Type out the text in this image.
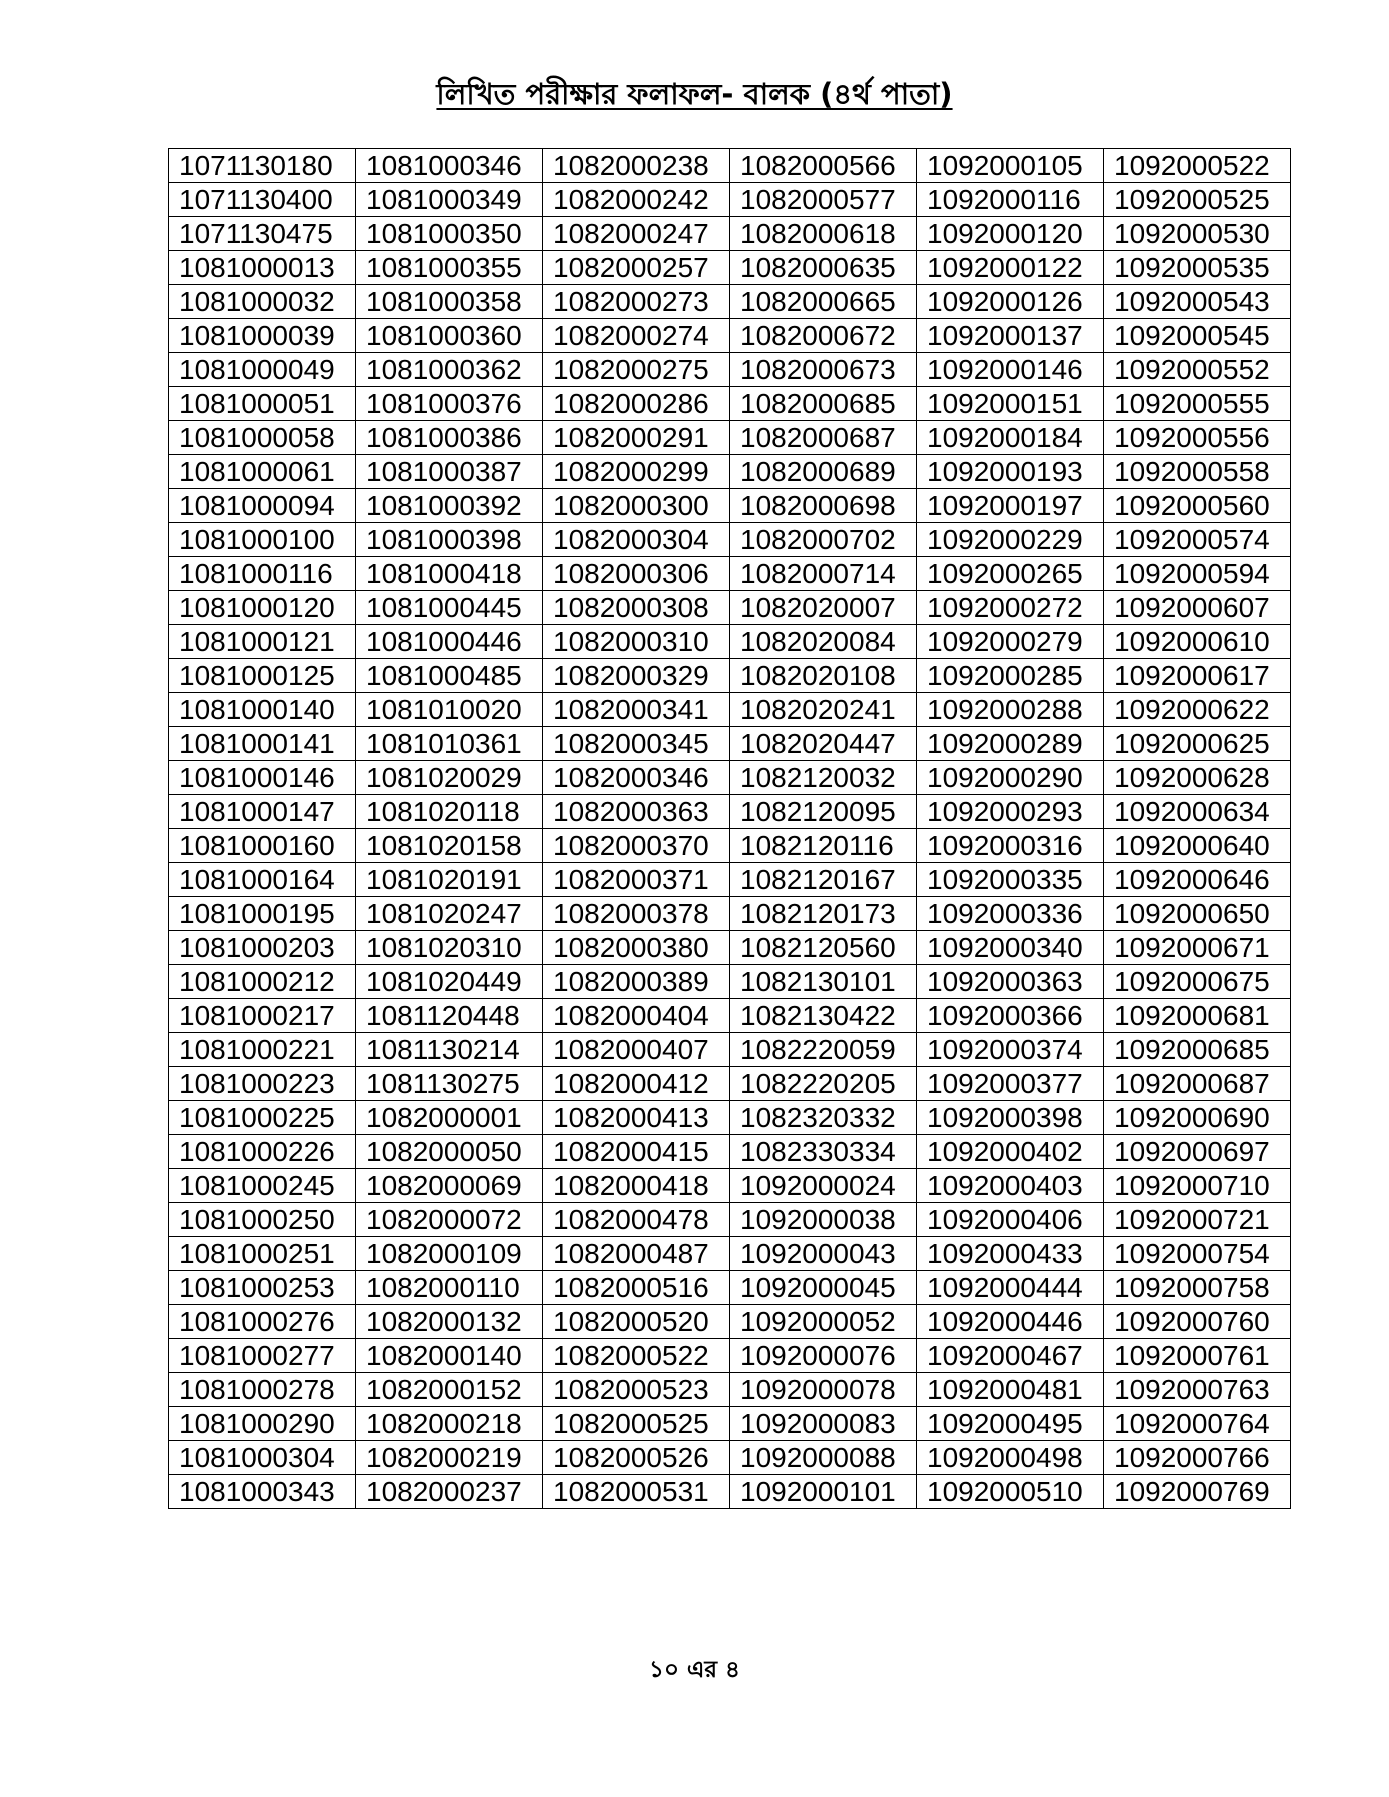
লিখিত পরীক্ষার ফলাফল- বালক (৪র্থ পাতা)
1071130180	1081000346	1082000238	1082000566	1092000105	1092000522
1071130400	1081000349	1082000242	1082000577	1092000116	1092000525
1071130475	1081000350	1082000247	1082000618	1092000120	1092000530
1081000013	1081000355	1082000257	1082000635	1092000122	1092000535
1081000032	1081000358	1082000273	1082000665	1092000126	1092000543
1081000039	1081000360	1082000274	1082000672	1092000137	1092000545
1081000049	1081000362	1082000275	1082000673	1092000146	1092000552
1081000051	1081000376	1082000286	1082000685	1092000151	1092000555
1081000058	1081000386	1082000291	1082000687	1092000184	1092000556
1081000061	1081000387	1082000299	1082000689	1092000193	1092000558
1081000094	1081000392	1082000300	1082000698	1092000197	1092000560
1081000100	1081000398	1082000304	1082000702	1092000229	1092000574
1081000116	1081000418	1082000306	1082000714	1092000265	1092000594
1081000120	1081000445	1082000308	1082020007	1092000272	1092000607
1081000121	1081000446	1082000310	1082020084	1092000279	1092000610
1081000125	1081000485	1082000329	1082020108	1092000285	1092000617
1081000140	1081010020	1082000341	1082020241	1092000288	1092000622
1081000141	1081010361	1082000345	1082020447	1092000289	1092000625
1081000146	1081020029	1082000346	1082120032	1092000290	1092000628
1081000147	1081020118	1082000363	1082120095	1092000293	1092000634
1081000160	1081020158	1082000370	1082120116	1092000316	1092000640
1081000164	1081020191	1082000371	1082120167	1092000335	1092000646
1081000195	1081020247	1082000378	1082120173	1092000336	1092000650
1081000203	1081020310	1082000380	1082120560	1092000340	1092000671
1081000212	1081020449	1082000389	1082130101	1092000363	1092000675
1081000217	1081120448	1082000404	1082130422	1092000366	1092000681
1081000221	1081130214	1082000407	1082220059	1092000374	1092000685
1081000223	1081130275	1082000412	1082220205	1092000377	1092000687
1081000225	1082000001	1082000413	1082320332	1092000398	1092000690
1081000226	1082000050	1082000415	1082330334	1092000402	1092000697
1081000245	1082000069	1082000418	1092000024	1092000403	1092000710
1081000250	1082000072	1082000478	1092000038	1092000406	1092000721
1081000251	1082000109	1082000487	1092000043	1092000433	1092000754
1081000253	1082000110	1082000516	1092000045	1092000444	1092000758
1081000276	1082000132	1082000520	1092000052	1092000446	1092000760
1081000277	1082000140	1082000522	1092000076	1092000467	1092000761
1081000278	1082000152	1082000523	1092000078	1092000481	1092000763
1081000290	1082000218	1082000525	1092000083	1092000495	1092000764
1081000304	1082000219	1082000526	1092000088	1092000498	1092000766
1081000343	1082000237	1082000531	1092000101	1092000510	1092000769
১০ এর ৪
